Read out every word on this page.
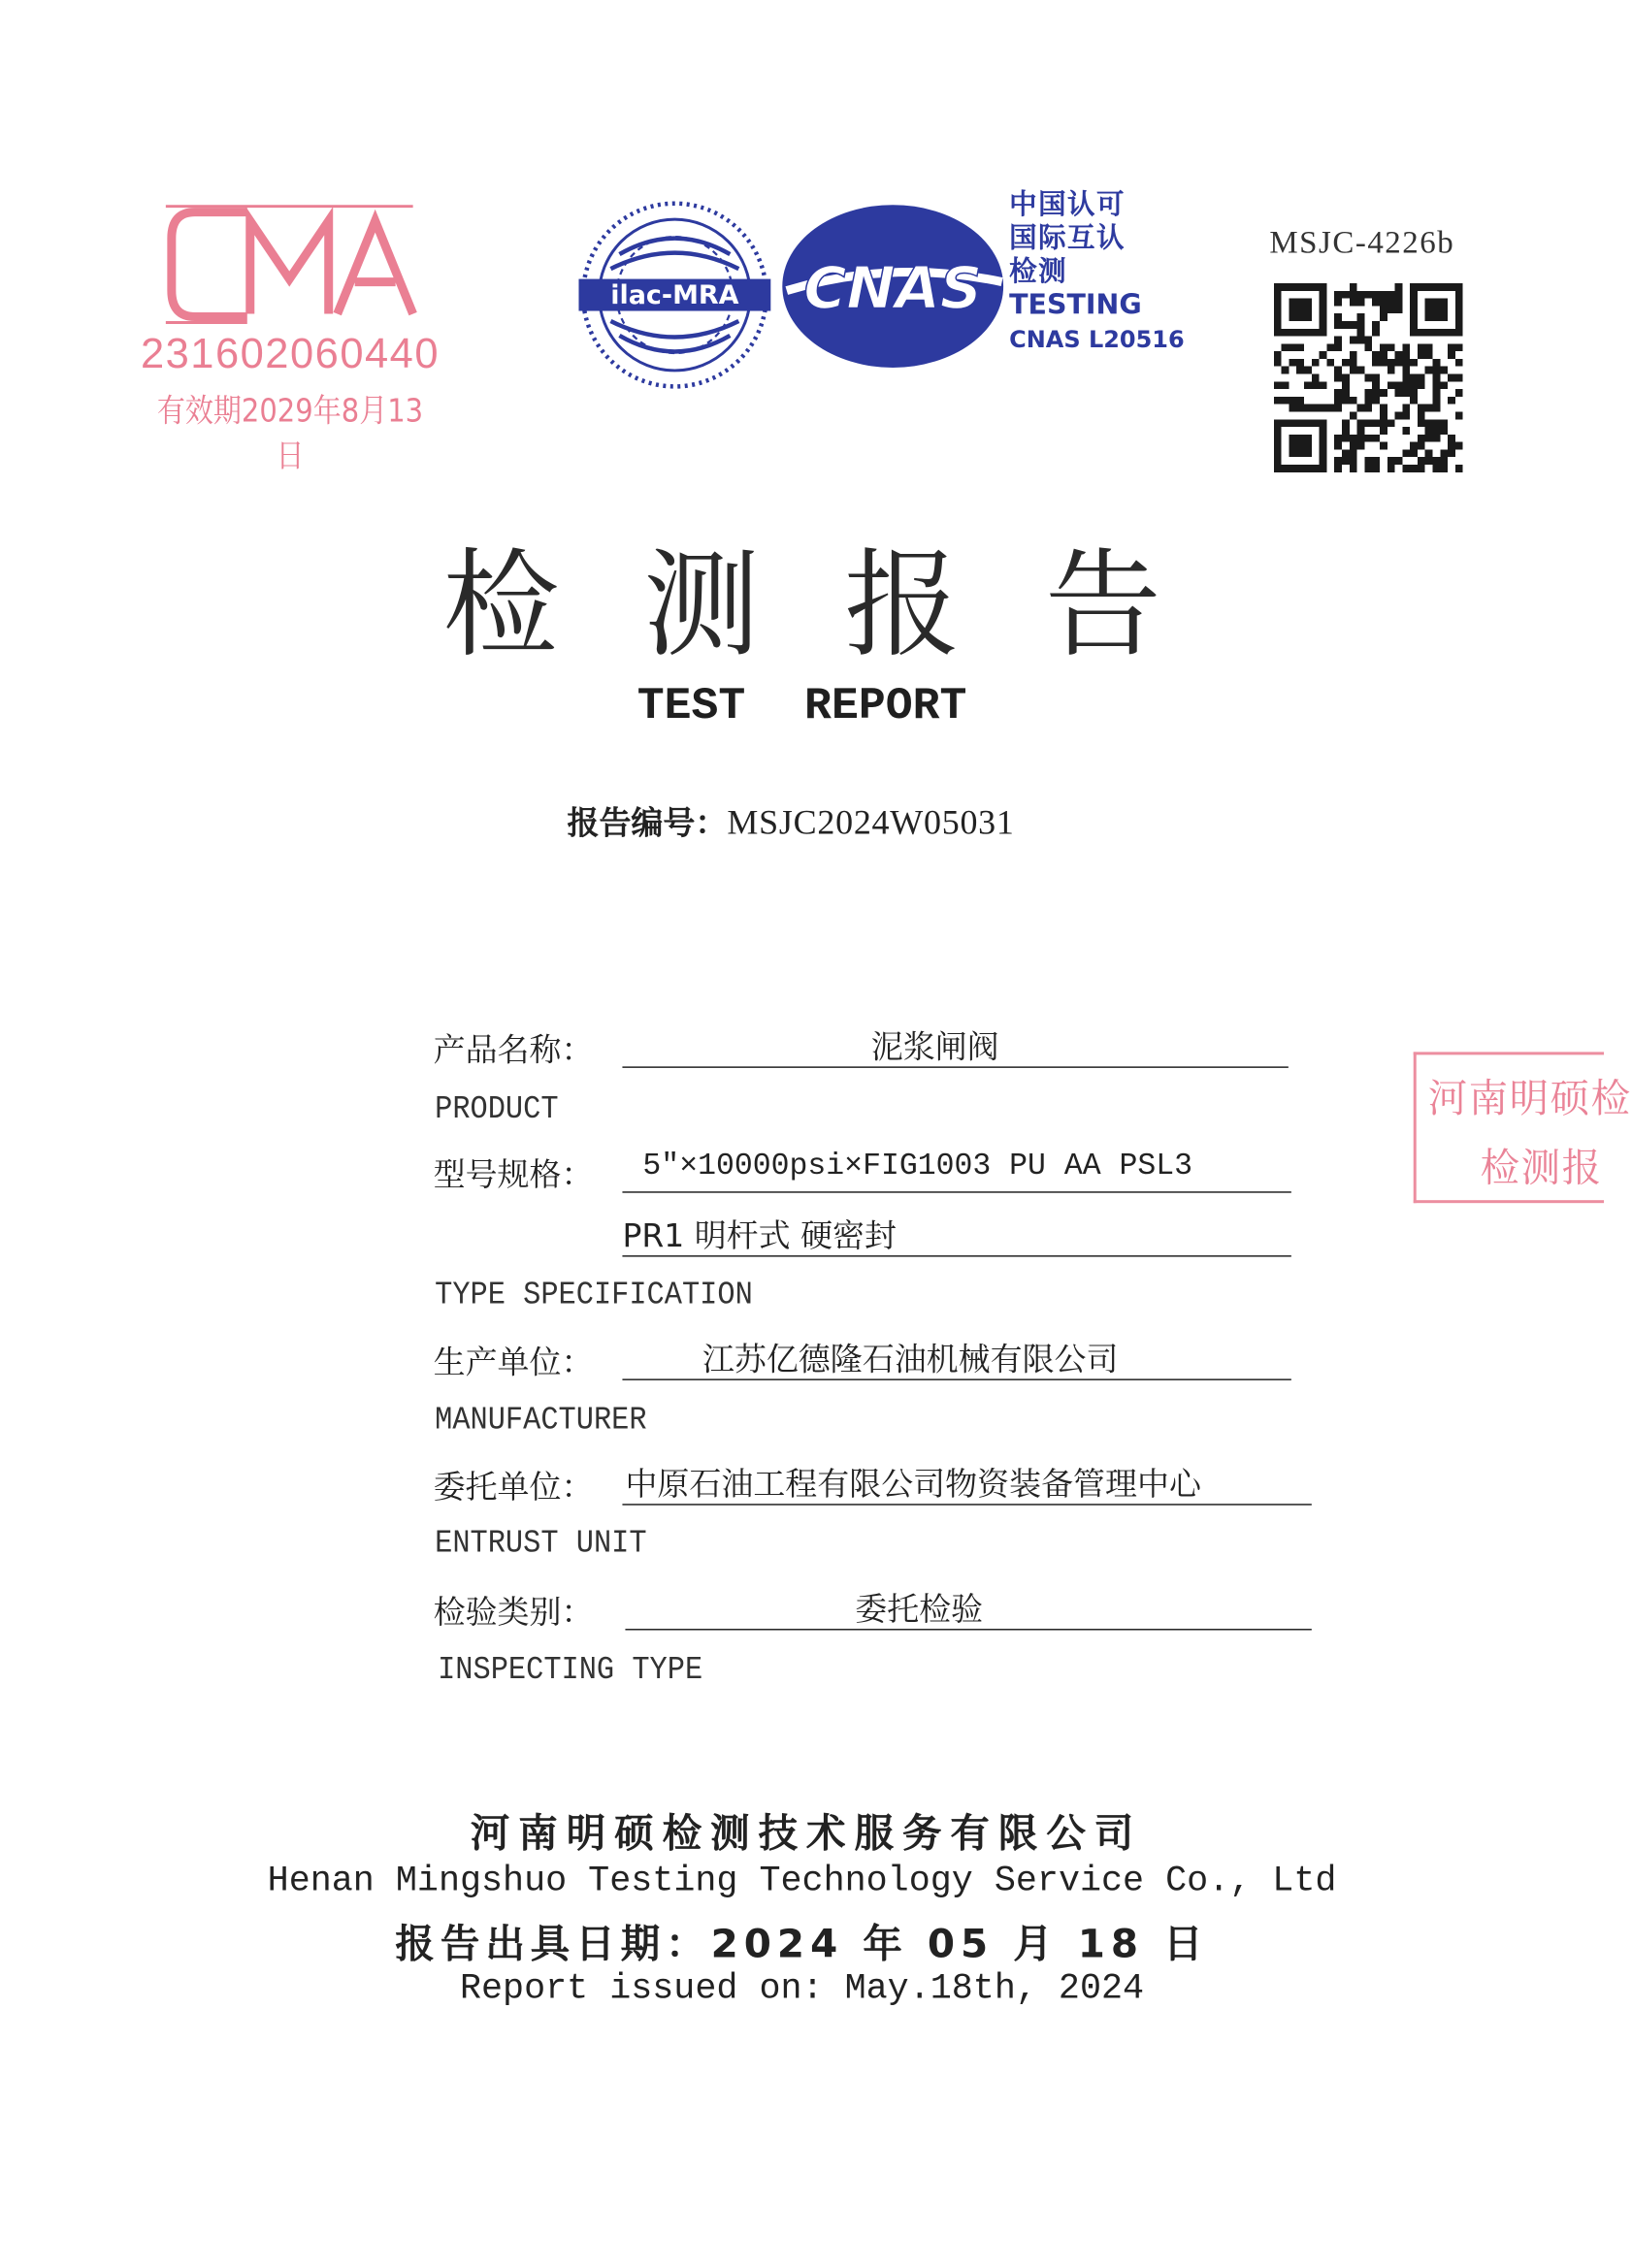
231602060440
有效期2029年8月13日
ilac-MRA CNAS
中国认可
国际互认
检测
TESTING
CNAS L20516
MSJC-4226b
河南明硕检
检测报
检测报告
TEST REPORT
报告编号：MSJC2024W05031
产品名称：	泥浆闸阀
PRODUCT
型号规格： 5″×10000psi×FIG1003 PU AA PSL3
PR1 明杆式 硬密封
TYPE SPECIFICATION
生产单位：	江苏亿德隆石油机械有限公司
MANUFACTURER
委托单位： 中原石油工程有限公司物资装备管理中心
ENTRUST UNIT
检验类别：	委托检验
INSPECTING TYPE
河南明硕检测技术服务有限公司
Henan Mingshuo Testing Technology Service Co., Ltd
报告出具日期：2024 年 05 月 18 日
Report issued on: May.18th, 2024
